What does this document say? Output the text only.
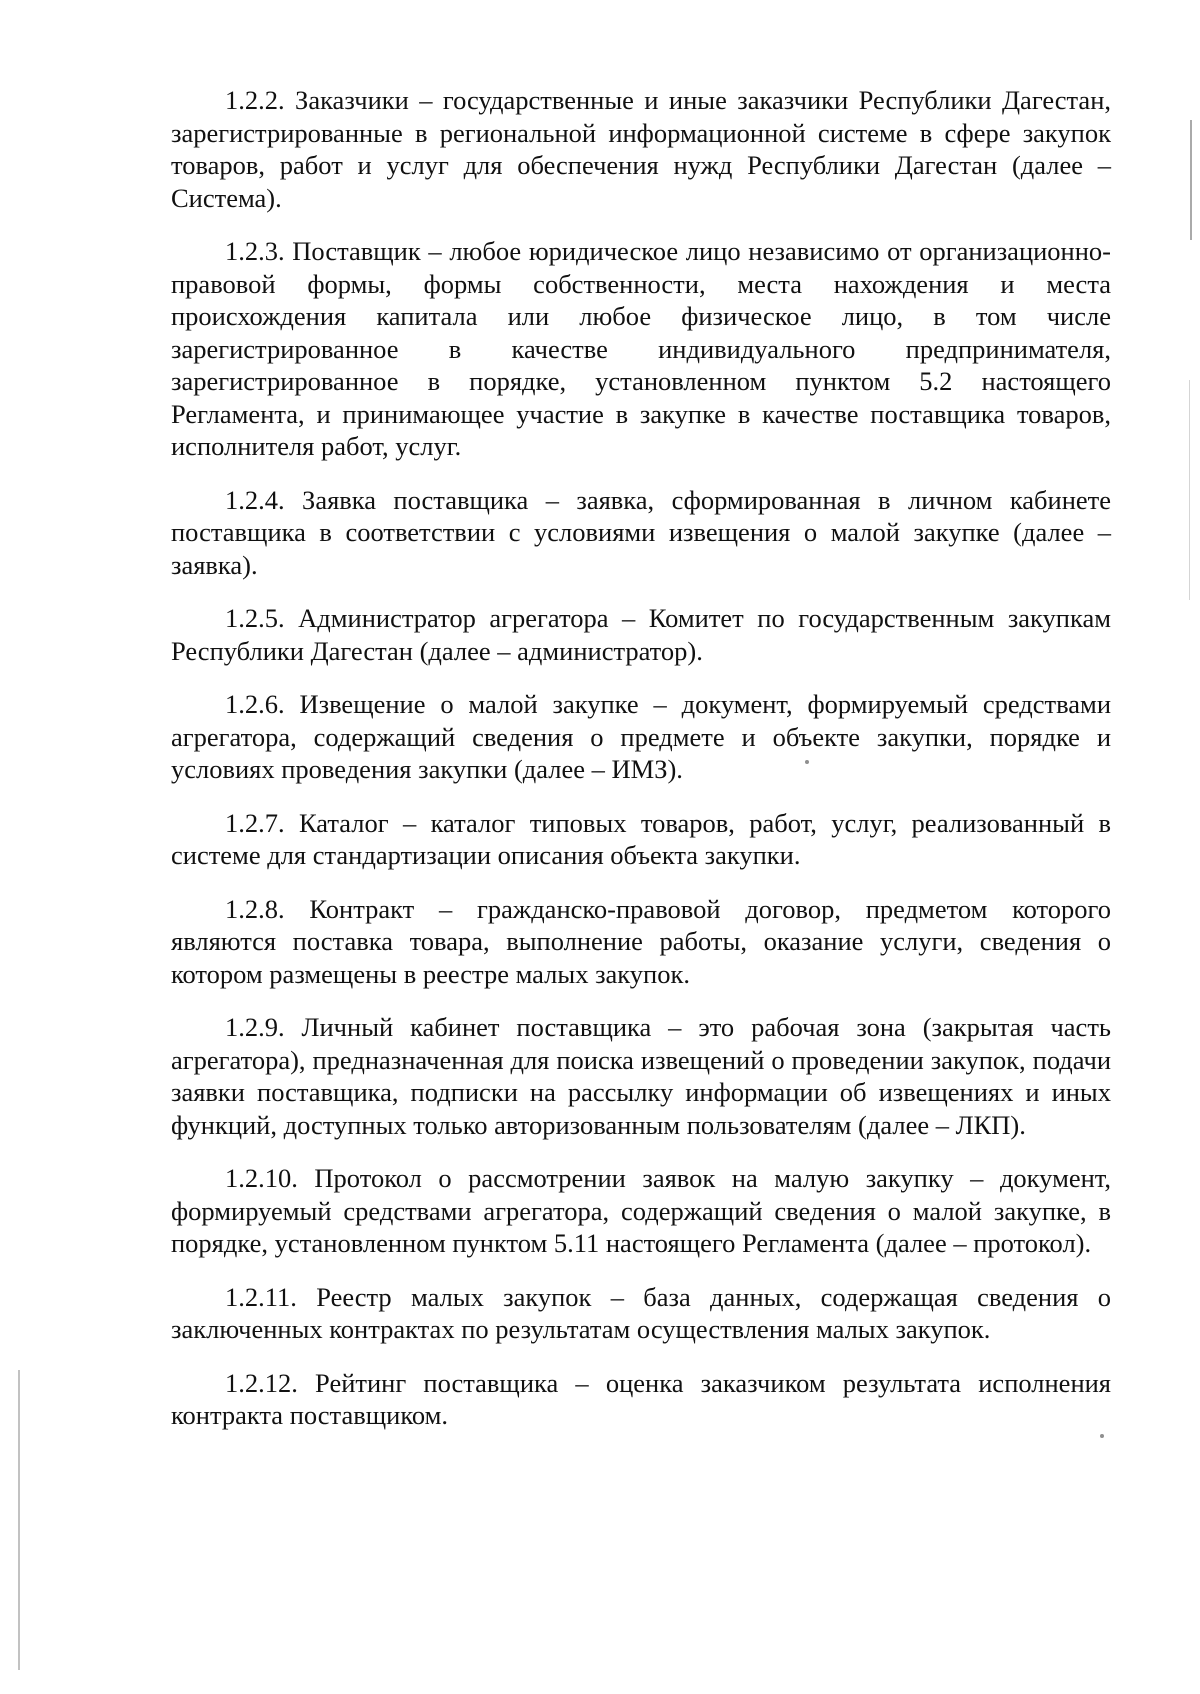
1.2.2. Заказчики – государственные и иные заказчики Республики Дагестан, зарегистрированные в региональной информационной системе в сфере закупок товаров, работ и услуг для обеспечения нужд Республики Дагестан (далее – Система).

1.2.3. Поставщик – любое юридическое лицо независимо от организационно-правовой формы, формы собственности, места нахождения и места происхождения капитала или любое физическое лицо, в том числе зарегистрированное в качестве индивидуального предпринимателя, зарегистрированное в порядке, установленном пунктом 5.2 настоящего Регламента, и принимающее участие в закупке в качестве поставщика товаров, исполнителя работ, услуг.

1.2.4. Заявка поставщика – заявка, сформированная в личном кабинете поставщика в соответствии с условиями извещения о малой закупке (далее – заявка).

1.2.5. Администратор агрегатора – Комитет по государственным закупкам Республики Дагестан (далее – администратор).

1.2.6. Извещение о малой закупке – документ, формируемый средствами агрегатора, содержащий сведения о предмете и объекте закупки, порядке и условиях проведения закупки (далее – ИМЗ).

1.2.7. Каталог – каталог типовых товаров, работ, услуг, реализованный в системе для стандартизации описания объекта закупки.

1.2.8. Контракт – гражданско-правовой договор, предметом которого являются поставка товара, выполнение работы, оказание услуги, сведения о котором размещены в реестре малых закупок.

1.2.9. Личный кабинет поставщика – это рабочая зона (закрытая часть агрегатора), предназначенная для поиска извещений о проведении закупок, подачи заявки поставщика, подписки на рассылку информации об извещениях и иных функций, доступных только авторизованным пользователям (далее – ЛКП).

1.2.10. Протокол о рассмотрении заявок на малую закупку – документ, формируемый средствами агрегатора, содержащий сведения о малой закупке, в порядке, установленном пунктом 5.11 настоящего Регламента (далее – протокол).

1.2.11. Реестр малых закупок – база данных, содержащая сведения о заключенных контрактах по результатам осуществления малых закупок.

1.2.12. Рейтинг поставщика – оценка заказчиком результата исполнения контракта поставщиком.
